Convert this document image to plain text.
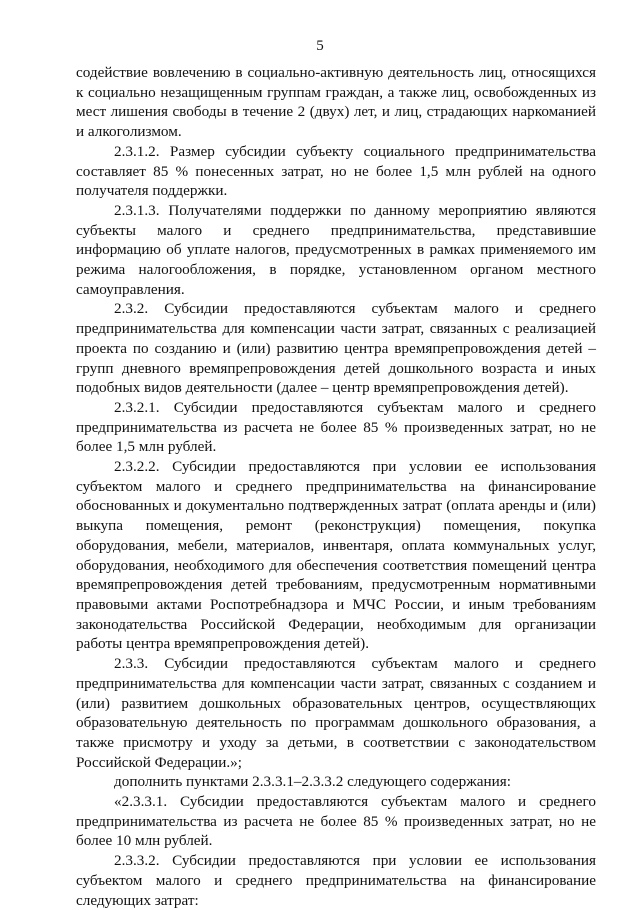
5

содействие вовлечению в социально-активную деятельность лиц, относящихся к социально незащищенным группам граждан, а также лиц, освобожденных из мест лишения свободы в течение 2 (двух) лет, и лиц, страдающих наркоманией и алкоголизмом.

2.3.1.2. Размер субсидии субъекту социального предпринимательства составляет 85 % понесенных затрат, но не более 1,5 млн рублей на одного получателя поддержки.

2.3.1.3. Получателями поддержки по данному мероприятию являются субъекты малого и среднего предпринимательства, представившие информацию об уплате налогов, предусмотренных в рамках применяемого им режима налогообложения, в порядке, установленном органом местного самоуправления.

2.3.2. Субсидии предоставляются субъектам малого и среднего предпринимательства для компенсации части затрат, связанных с реализацией проекта по созданию и (или) развитию центра времяпрепровождения детей – групп дневного времяпрепровождения детей дошкольного возраста и иных подобных видов деятельности (далее – центр времяпрепровождения детей).

2.3.2.1. Субсидии предоставляются субъектам малого и среднего предпринимательства из расчета не более 85 % произведенных затрат, но не более 1,5 млн рублей.

2.3.2.2. Субсидии предоставляются при условии ее использования субъектом малого и среднего предпринимательства на финансирование обоснованных и документально подтвержденных затрат (оплата аренды и (или) выкупа помещения, ремонт (реконструкция) помещения, покупка оборудования, мебели, материалов, инвентаря, оплата коммунальных услуг, оборудования, необходимого для обеспечения соответствия помещений центра времяпрепровождения детей требованиям, предусмотренным нормативными правовыми актами Роспотребнадзора и МЧС России, и иным требованиям законодательства Российской Федерации, необходимым для организации работы центра времяпрепровождения детей).

2.3.3. Субсидии предоставляются субъектам малого и среднего предпринимательства для компенсации части затрат, связанных с созданием и (или) развитием дошкольных образовательных центров, осуществляющих образовательную деятельность по программам дошкольного образования, а также присмотру и уходу за детьми, в соответствии с законодательством Российской Федерации.»;

дополнить пунктами 2.3.3.1–2.3.3.2 следующего содержания:

«2.3.3.1. Субсидии предоставляются субъектам малого и среднего предпринимательства из расчета не более 85 % произведенных затрат, но не более 10 млн рублей.

2.3.3.2. Субсидии предоставляются при условии ее использования субъектом малого и среднего предпринимательства на финансирование следующих затрат:
